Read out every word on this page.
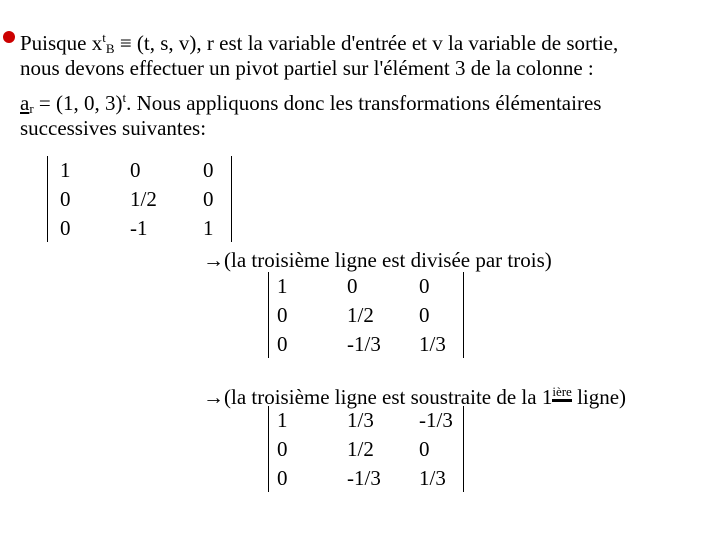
Puisque $x^t_B \equiv (t$, s, v), r est la variable d'entrée et v la variable de sortie,
nous devons effectuer un pivot partiel sur l'élément 3 de la colonne :
$a_r = (1$, 0, 3)$^t$. Nous appliquons donc les transformations élémentaires
successives suivantes:
1	0	0
0	1/2 0
0	-1	1
→(la troisième ligne est divisée par trois)
1	0	0
0	1/2 0
0	-1/3 1/3
→(la troisième ligne est soustraite de la $1^{ière}$ ligne)
1	1/3 -1/3
0	1/2 0
0	-1/3 1/3
